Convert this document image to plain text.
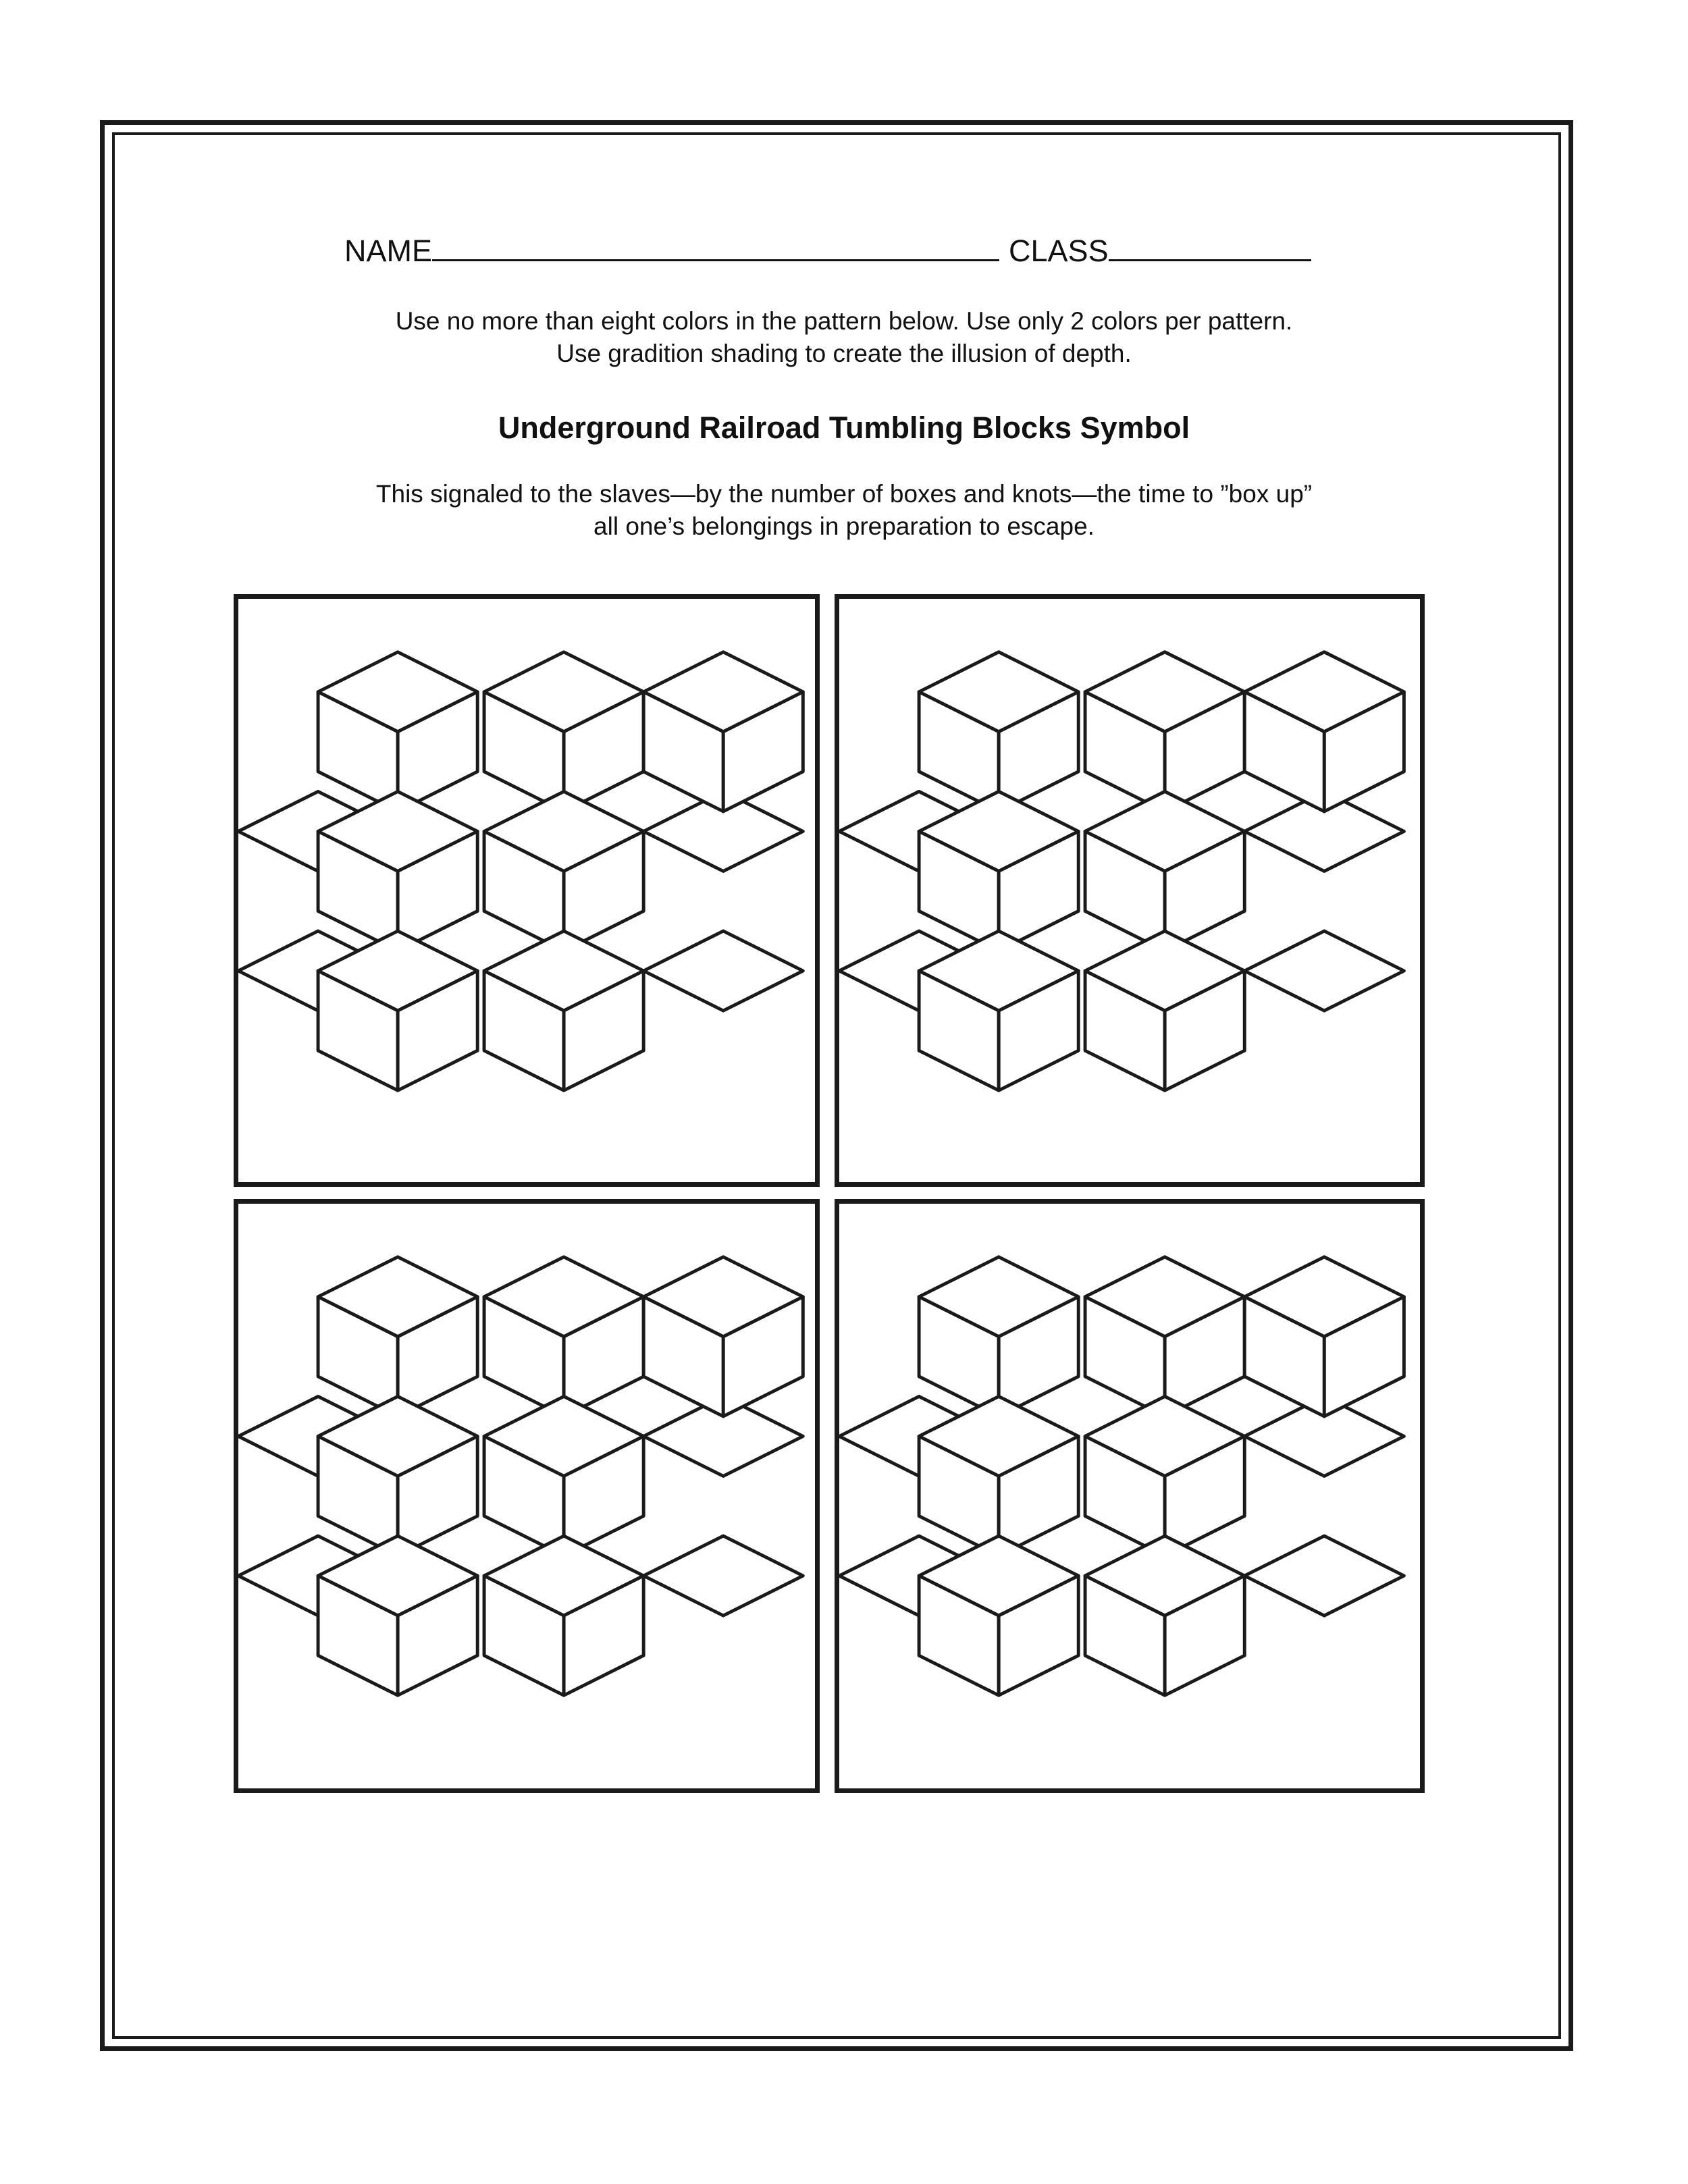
NAME	CLASS
Use no more than eight colors in the pattern below. Use only 2 colors per pattern.
Use gradition shading to create the illusion of depth.
Underground Railroad Tumbling Blocks Symbol
This signaled to the slaves—by the number of boxes and knots—the time to ”box up”
all one’s belongings in preparation to escape.
